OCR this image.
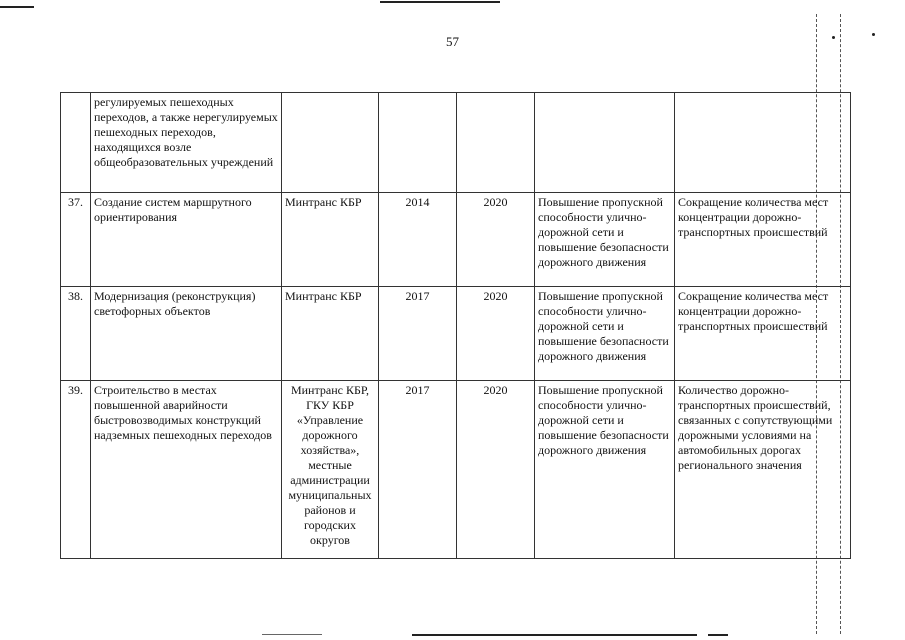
57
	регулируемых пешеходных переходов, а также нерегулируемых пешеходных переходов, находящихся возле общеобразовательных учреждений					
37.	Создание систем маршрутного ориентирования	Минтранс КБР	2014	2020	Повышение пропускной способности улично-дорожной сети и повышение безопасности дорожного движения	Сокращение количества мест концентрации дорожно-транспортных происшествий
38.	Модернизация (реконструкция) светофорных объектов	Минтранс КБР	2017	2020	Повышение пропускной способности улично-дорожной сети и повышение безопасности дорожного движения	Сокращение количества мест концентрации дорожно-транспортных происшествий
39.	Строительство в местах повышенной аварийности быстровозводимых конструкций надземных пешеходных переходов	Минтранс КБР, ГКУ КБР «Управление дорожного хозяйства», местные администрации муниципальных районов и городских округов	2017	2020	Повышение пропускной способности улично-дорожной сети и повышение безопасности дорожного движения	Количество дорожно-транспортных происшествий, связанных с сопутствующими дорожными условиями на автомобильных дорогах регионального значения
